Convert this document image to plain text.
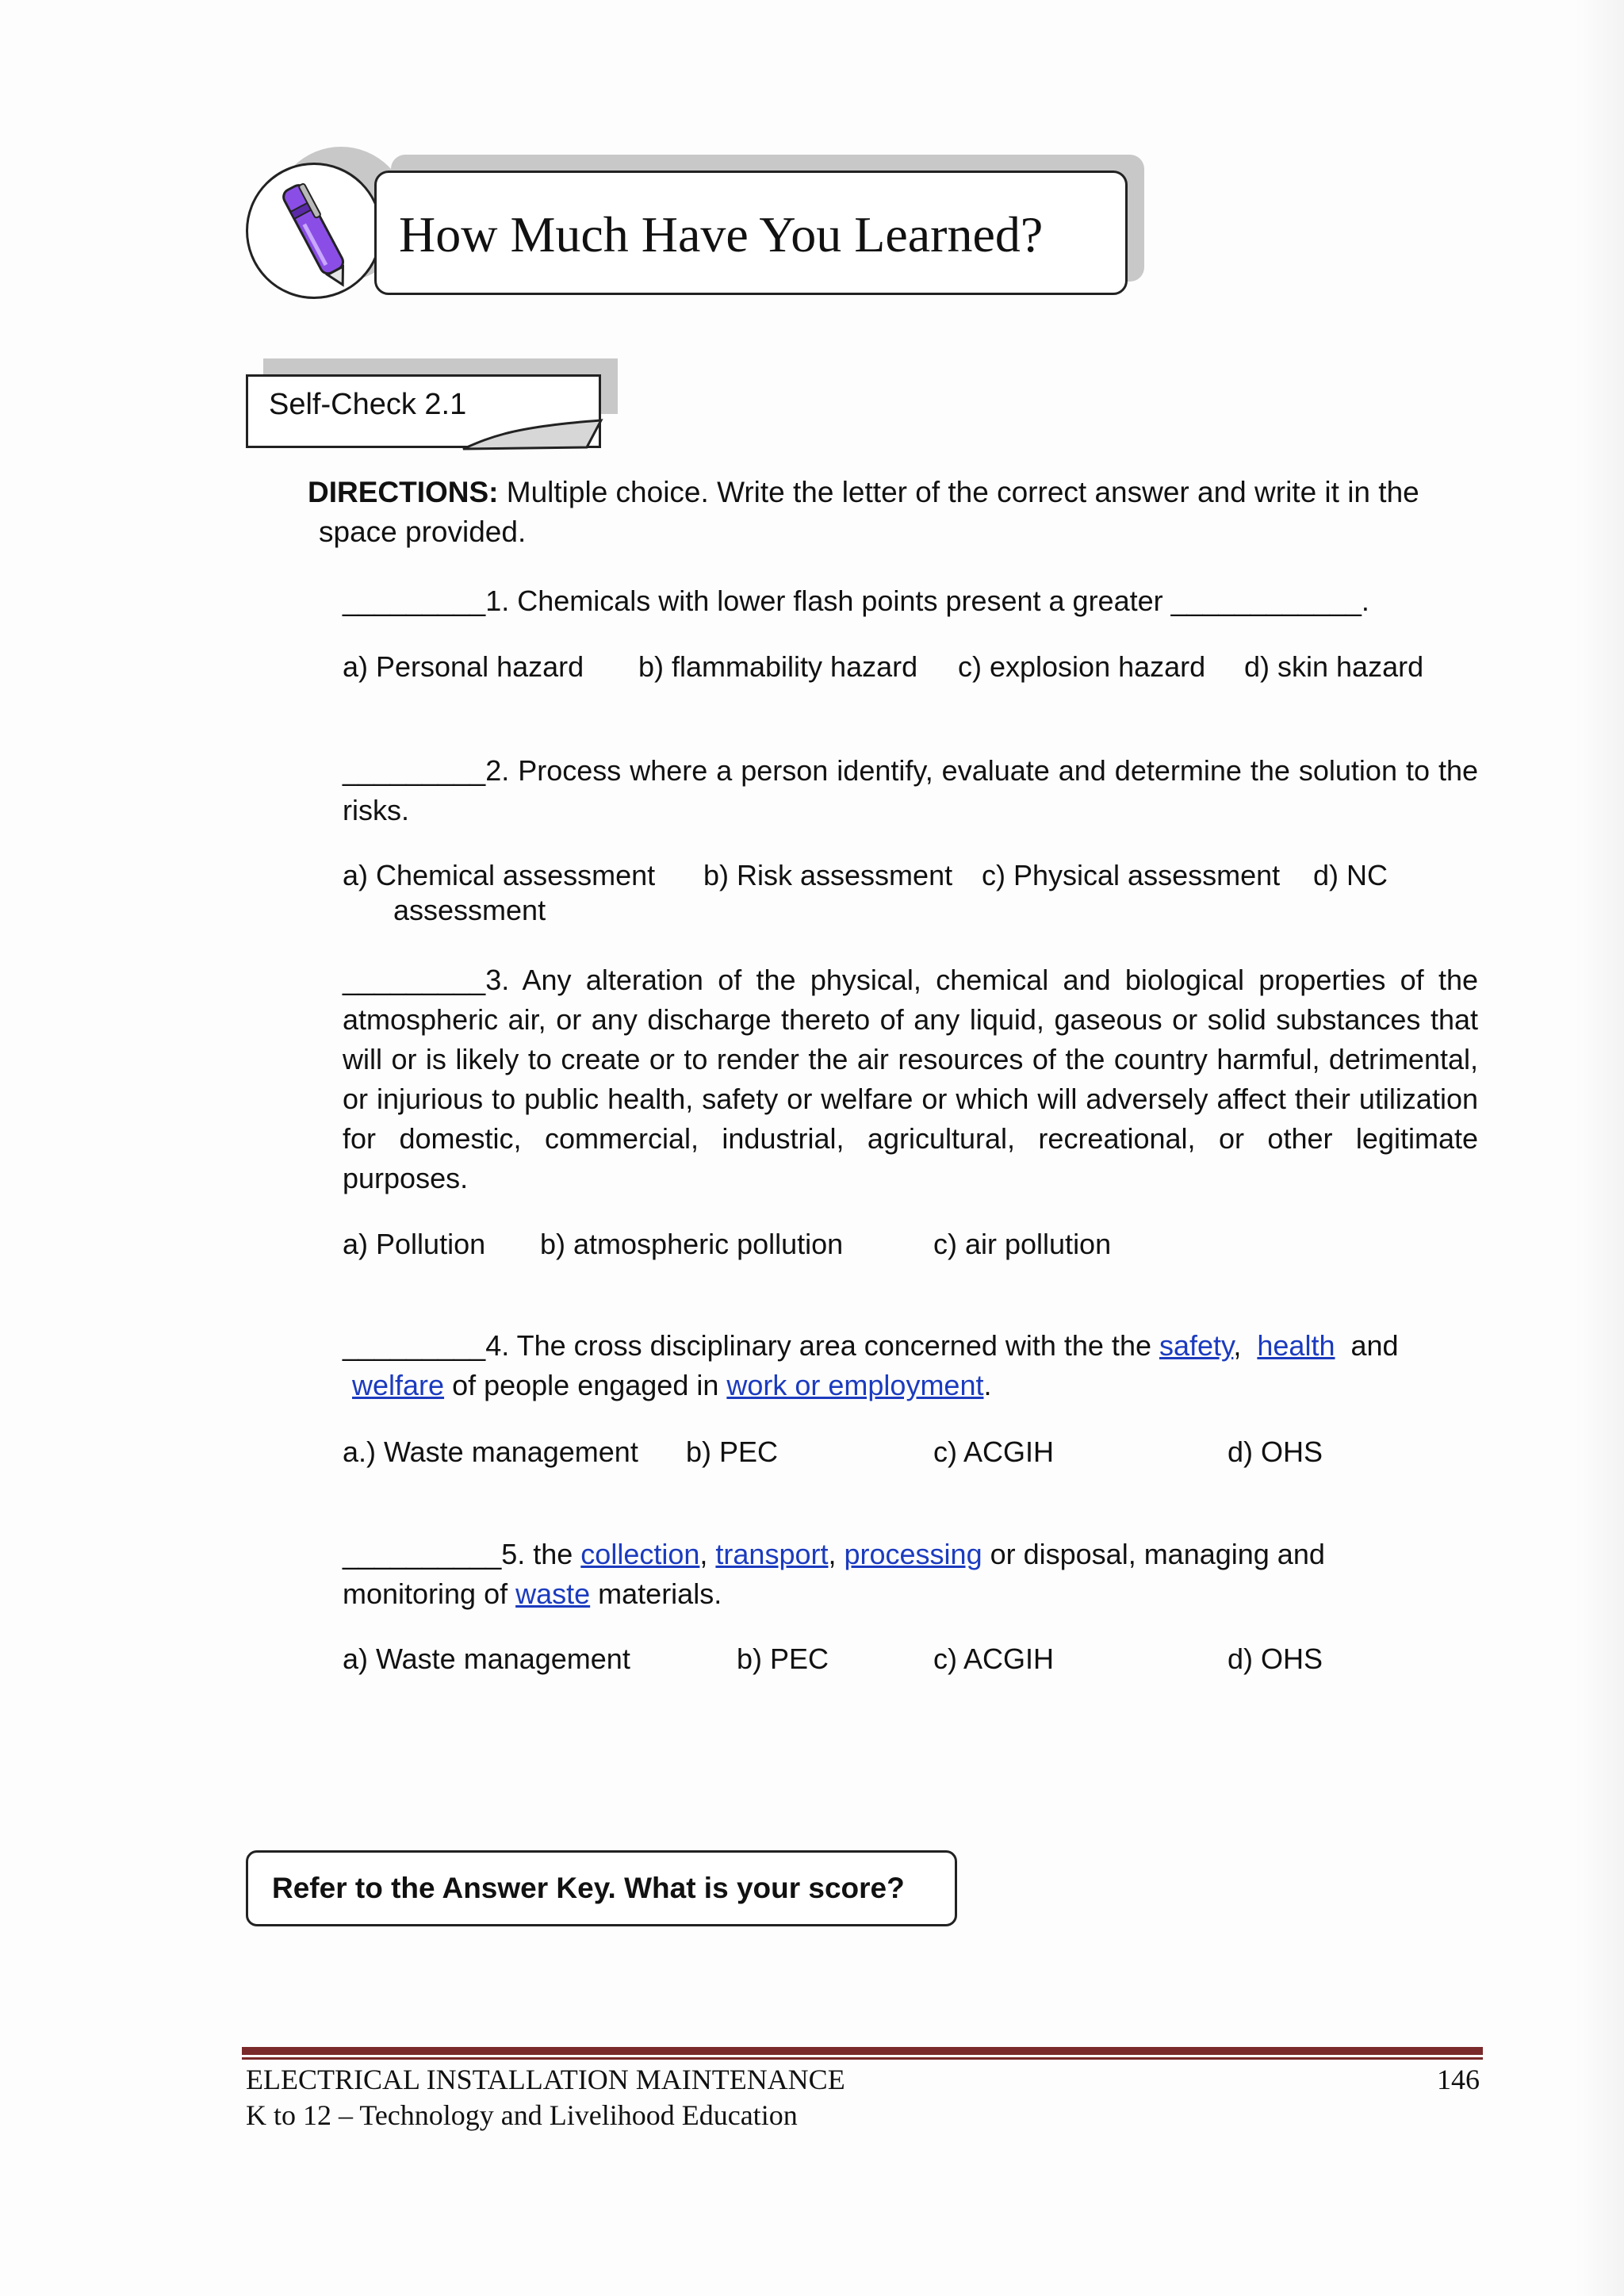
How Much Have You Learned?
Self-Check 2.1
DIRECTIONS: Multiple choice. Write the letter of the correct answer and write it in the
space provided.
_________1. Chemicals with lower flash points present a greater ____________.
a) Personal hazard b) flammability hazard c) explosion hazard d) skin hazard
_________2. Process where a person identify, evaluate and determine the solution to the risks.
a) Chemical assessment b) Risk assessment c) Physical assessment d) NC
assessment
_________3. Any alteration of the physical, chemical and biological properties of the atmospheric air, or any discharge thereto of any liquid, gaseous or solid substances that will or is likely to create or to render the air resources of the country harmful, detrimental, or injurious to public health, safety or welfare or which will adversely affect their utilization for domestic, commercial, industrial, agricultural, recreational, or other legitimate purposes.
a) Pollution b) atmospheric pollution	c) air pollution
_________4. The cross disciplinary area concerned with the the safety, health and
welfare of people engaged in work or employment.
a.) Waste management b) PEC	c) ACGIH	d) OHS
__________5. the collection, transport, processing or disposal, managing and
monitoring of waste materials.
a) Waste management	b) PEC	c) ACGIH	d) OHS
Refer to the Answer Key. What is your score?
ELECTRICAL INSTALLATION MAINTENANCE
K to 12 – Technology and Livelihood Education
146
